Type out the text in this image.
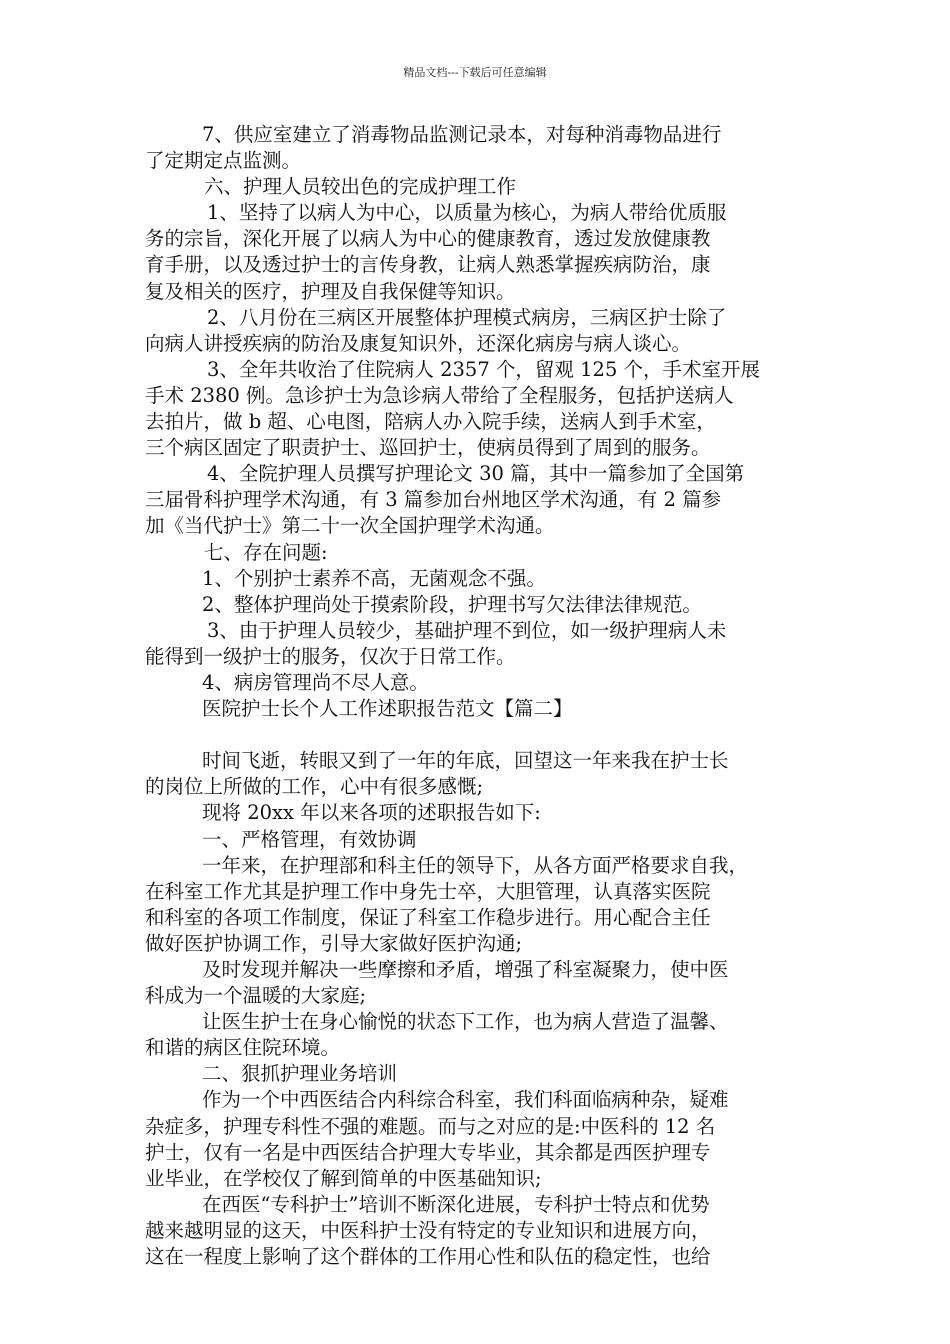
精品文档---下载后可任意编辑
7、供应室建立了消毒物品监测记录本，对每种消毒物品进行
了定期定点监测。
六、护理人员较出色的完成护理工作
1、坚持了以病人为中心，以质量为核心，为病人带给优质服
务的宗旨，深化开展了以病人为中心的健康教育，透过发放健康教
育手册，以及透过护士的言传身教，让病人熟悉掌握疾病防治，康
复及相关的医疗，护理及自我保健等知识。
2、八月份在三病区开展整体护理模式病房，三病区护士除了
向病人讲授疾病的防治及康复知识外，还深化病房与病人谈心。
3、全年共收治了住院病人 2357 个，留观 125 个，手术室开展
手术 2380 例。急诊护士为急诊病人带给了全程服务，包括护送病人
去拍片，做 b 超、心电图，陪病人办入院手续，送病人到手术室，
三个病区固定了职责护士、巡回护士，使病员得到了周到的服务。
4、全院护理人员撰写护理论文 30 篇，其中一篇参加了全国第
三届骨科护理学术沟通，有 3 篇参加台州地区学术沟通，有 2 篇参
加《当代护士》第二十一次全国护理学术沟通。
七、存在问题:
1、个别护士素养不高，无菌观念不强。
2、整体护理尚处于摸索阶段，护理书写欠法律法律规范。
3、由于护理人员较少，基础护理不到位，如一级护理病人未
能得到一级护士的服务，仅次于日常工作。
4、病房管理尚不尽人意。
医院护士长个人工作述职报告范文【篇二】
时间飞逝，转眼又到了一年的年底，回望这一年来我在护士长
的岗位上所做的工作，心中有很多感慨;
现将 20xx 年以来各项的述职报告如下:
一、严格管理，有效协调
一年来，在护理部和科主任的领导下，从各方面严格要求自我，
在科室工作尤其是护理工作中身先士卒，大胆管理，认真落实医院
和科室的各项工作制度，保证了科室工作稳步进行。用心配合主任
做好医护协调工作，引导大家做好医护沟通;
及时发现并解决一些摩擦和矛盾，增强了科室凝聚力，使中医
科成为一个温暖的大家庭;
让医生护士在身心愉悦的状态下工作，也为病人营造了温馨、
和谐的病区住院环境。
二、狠抓护理业务培训
作为一个中西医结合内科综合科室，我们科面临病种杂，疑难
杂症多，护理专科性不强的难题。而与之对应的是:中医科的 12 名
护士，仅有一名是中西医结合护理大专毕业，其余都是西医护理专
业毕业，在学校仅了解到简单的中医基础知识;
在西医“专科护士”培训不断深化进展，专科护士特点和优势
越来越明显的这天，中医科护士没有特定的专业知识和进展方向，
这在一程度上影响了这个群体的工作用心性和队伍的稳定性，也给
